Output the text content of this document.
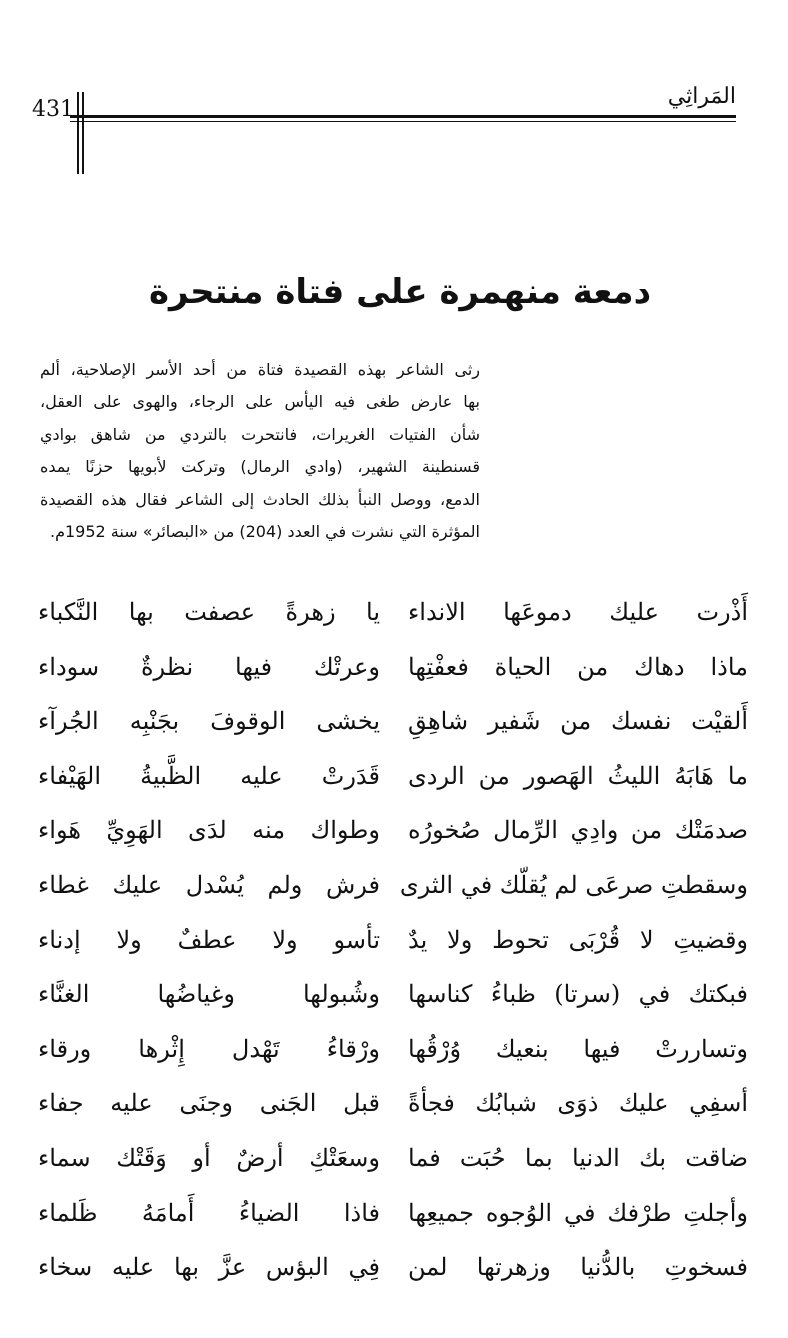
المَراثِي
431
دمعة منهمرة على فتاة منتحرة
رثى الشاعر بهذه القصيدة فتاة من أحد الأسر الإصلاحية، ألم
بها عارض طغى فيه اليأس على الرجاء، والهوى على العقل،
شأن الفتيات الغريرات، فانتحرت بالتردي من شاهق بوادي
قسنطينة الشهير، (وادي الرمال) وتركت لأبويها حزنًا يمده
الدمع، ووصل النبأ بذلك الحادث إلى الشاعر فقال هذه القصيدة
المؤثرة التي نشرت في العدد (204) من «البصائر» سنة 1952م.
أَذْرت عليك دموعَها الانداء
يا زهرةً عصفت بها النَّكباء
ماذا دهاك من الحياة فعفْتِها
وعرتْك فيها نظرةٌ سوداء
أَلقيْت نفسك من شَفير شاهِقِ
يخشى الوقوفَ بجَنْبِه الجُرآء
ما هَابَهُ الليثُ الهَصور من الردى
قَدَرتْ عليه الظَّبيةُ الهَيْفاء
صدمَتْك من وادِي الرِّمال صُخورُه
وطواك منه لدَى الهَوِيِّ هَواء
وسقطتِ صرعَى لم يُقلّك في الثرى
فرش ولم يُسْدل عليك غطاء
وقضيتِ لا قُرْبَى تحوط ولا يدٌ
تأسو ولا عطفٌ ولا إدناء
فبكتك في (سرتا) ظباءُ كناسها
وشُبولها وغياضُها الغنَّاء
وتساررتْ فيها بنعيك وُرْقُها
ورْقاءُ تَهْدل إِثْرها ورقاء
أسفِي عليك ذوَى شبابُك فجأةً
قبل الجَنى وجنَى عليه جفاء
ضاقت بك الدنيا بما حُبَت فما
وسعَتْكِ أرضٌ أو وَقَتْك سماء
وأجلتِ طرْفك في الوُجوه جميعِها
فاذا الضياءُ أَمامَهُ ظَلماء
فسخوتِ بالدُّنيا وزهرتها لمن
فِي البؤس عزَّ بها عليه سخاء
